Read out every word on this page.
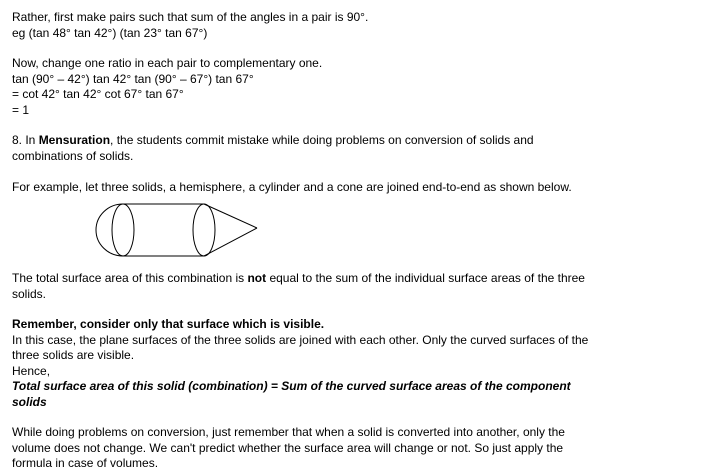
Rather, first make pairs such that sum of the angles in a pair is 90°.
eg (tan 48° tan 42°) (tan 23° tan 67°)

Now, change one ratio in each pair to complementary one.
tan (90° – 42°) tan 42° tan (90° – 67°) tan 67°
= cot 42° tan 42° cot 67° tan 67°
= 1

8. In Mensuration, the students commit mistake while doing problems on conversion of solids and
combinations of solids.

For example, let three solids, a hemisphere, a cylinder and a cone are joined end-to-end as shown below.

The total surface area of this combination is not equal to the sum of the individual surface areas of the three
solids.

Remember, consider only that surface which is visible.
In this case, the plane surfaces of the three solids are joined with each other. Only the curved surfaces of the
three solids are visible.
Hence,
Total surface area of this solid (combination) = Sum of the curved surface areas of the component
solids

While doing problems on conversion, just remember that when a solid is converted into another, only the
volume does not change. We can't predict whether the surface area will change or not. So just apply the
formula in case of volumes.
